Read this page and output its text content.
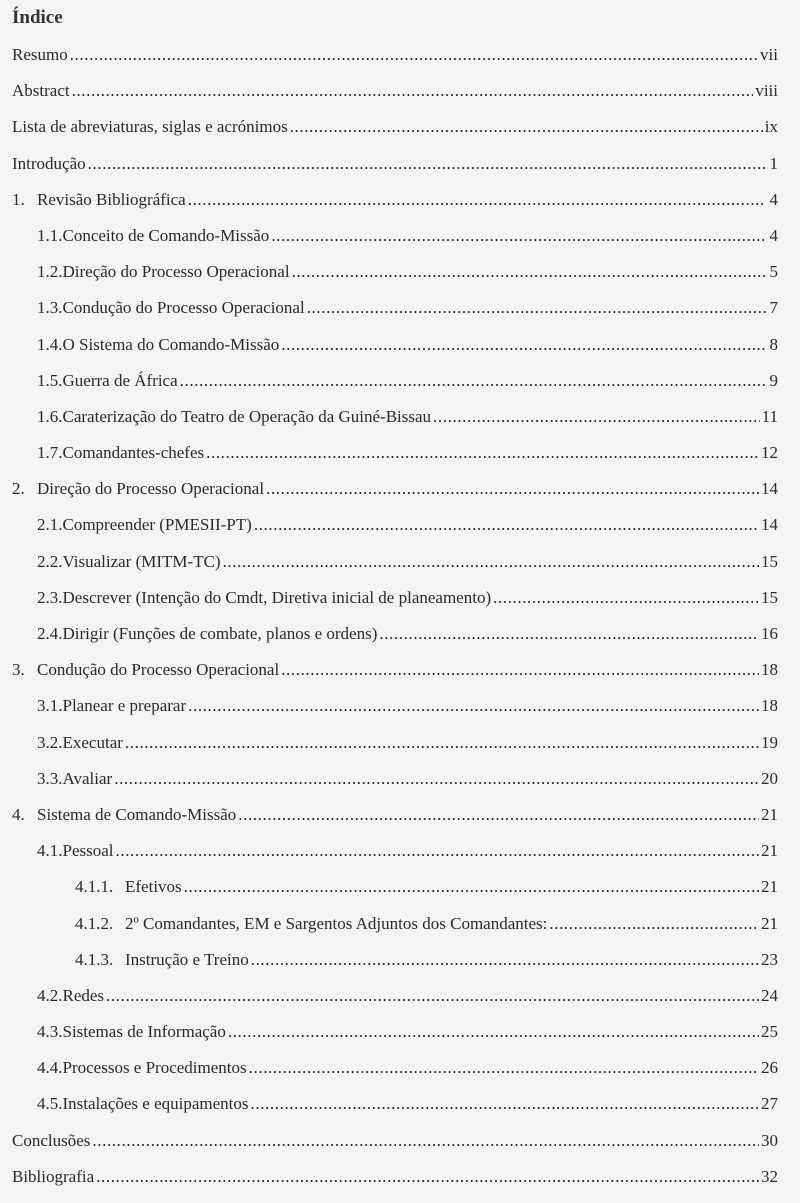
Índice
Resumo .....	vii
Abstract .....	viii
Lista de abreviaturas, siglas e acrónimos .....	ix
Introdução .....	1
1. Revisão Bibliográfica .....	4
1.1. Conceito de Comando-Missão .....	4
1.2. Direção do Processo Operacional .....	5
1.3. Condução do Processo Operacional .....	7
1.4. O Sistema do Comando-Missão .....	8
1.5. Guerra de África .....	9
1.6. Caraterização do Teatro de Operação da Guiné-Bissau .....	11
1.7. Comandantes-chefes .....	12
2. Direção do Processo Operacional .....	14
2.1. Compreender (PMESII-PT) .....	14
2.2. Visualizar (MITM-TC) .....	15
2.3. Descrever (Intenção do Cmdt, Diretiva inicial de planeamento) .....	15
2.4. Dirigir (Funções de combate, planos e ordens) .....	16
3. Condução do Processo Operacional .....	18
3.1. Planear e preparar .....	18
3.2. Executar .....	19
3.3. Avaliar .....	20
4. Sistema de Comando-Missão .....	21
4.1. Pessoal .....	21
4.1.1. Efetivos .....	21
4.1.2. 2º Comandantes, EM e Sargentos Adjuntos dos Comandantes: .....	21
4.1.3. Instrução e Treino .....	23
4.2. Redes .....	24
4.3. Sistemas de Informação .....	25
4.4. Processos e Procedimentos .....	26
4.5. Instalações e equipamentos .....	27
Conclusões .....	30
Bibliografia .....	32
